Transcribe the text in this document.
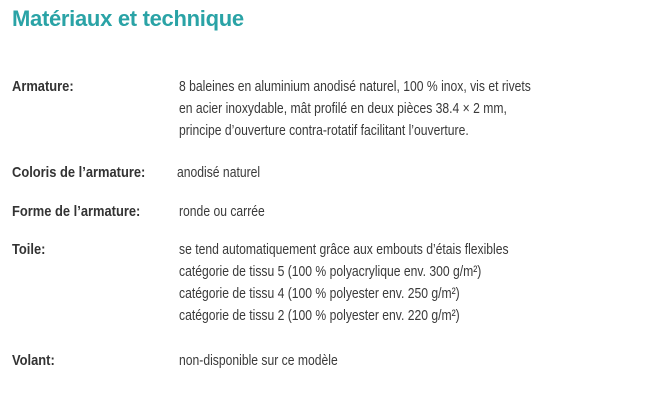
Matériaux et technique
Armature:	8 baleines en aluminium anodisé naturel, 100 % inox, vis et rivets
en acier inoxydable, mât profilé en deux pièces 38.4 × 2 mm,
principe d’ouverture contra-rotatif facilitant l’ouverture.
Coloris de l’armature: anodisé naturel
Forme de l’armature:	ronde ou carrée
Toile:	se tend automatiquement grâce aux embouts d’étais flexibles
catégorie de tissu 5 (100 % polyacrylique env. 300 g/m²)
catégorie de tissu 4 (100 % polyester env. 250 g/m²)
catégorie de tissu 2 (100 % polyester env. 220 g/m²)
Volant:	non-disponible sur ce modèle
